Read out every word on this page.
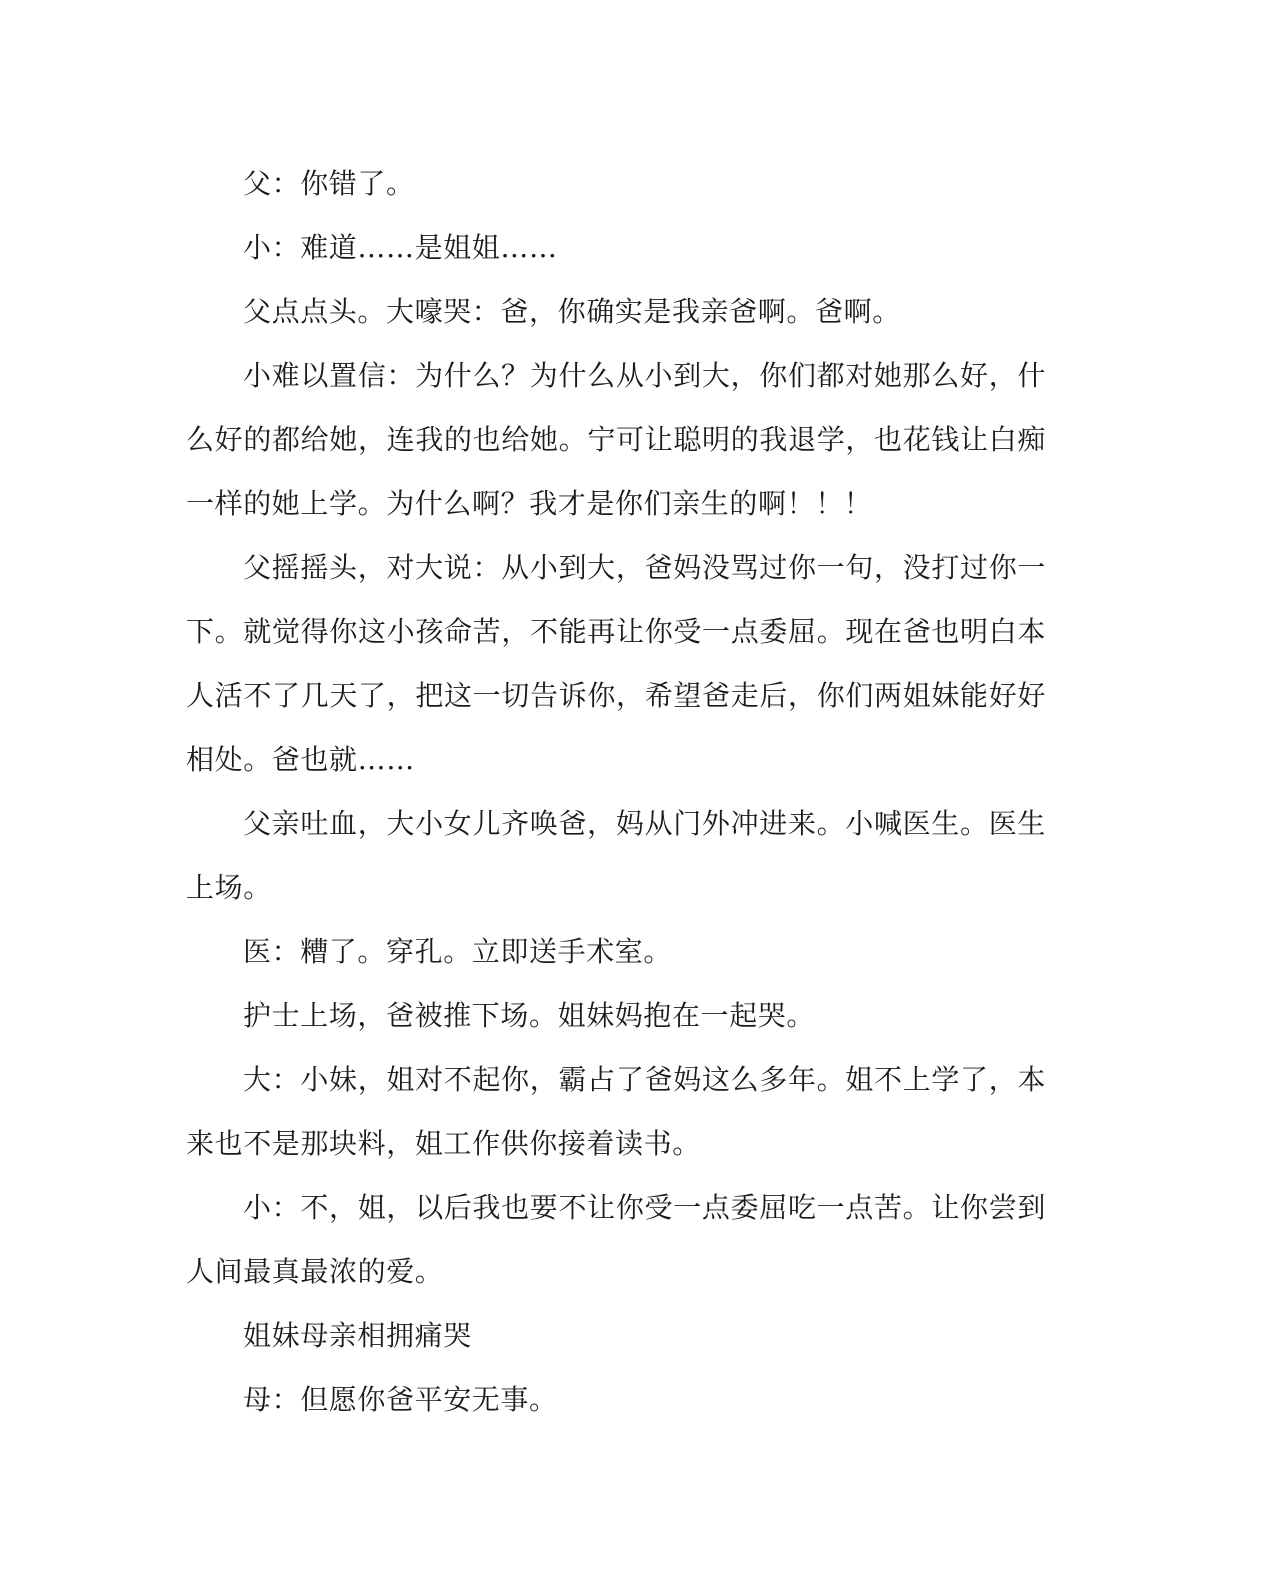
父：你错了。

小：难道……是姐姐……

父点点头。大嚎哭：爸，你确实是我亲爸啊。爸啊。

小难以置信：为什么？为什么从小到大，你们都对她那么好，什么好的都给她，连我的也给她。宁可让聪明的我退学，也花钱让白痴一样的她上学。为什么啊？我才是你们亲生的啊！！！

父摇摇头，对大说：从小到大，爸妈没骂过你一句，没打过你一下。就觉得你这小孩命苦，不能再让你受一点委屈。现在爸也明白本人活不了几天了，把这一切告诉你，希望爸走后，你们两姐妹能好好相处。爸也就……

父亲吐血，大小女儿齐唤爸，妈从门外冲进来。小喊医生。医生上场。

医：糟了。穿孔。立即送手术室。

护士上场，爸被推下场。姐妹妈抱在一起哭。

大：小妹，姐对不起你，霸占了爸妈这么多年。姐不上学了，本来也不是那块料，姐工作供你接着读书。

小：不，姐，以后我也要不让你受一点委屈吃一点苦。让你尝到人间最真最浓的爱。

姐妹母亲相拥痛哭

母：但愿你爸平安无事。
